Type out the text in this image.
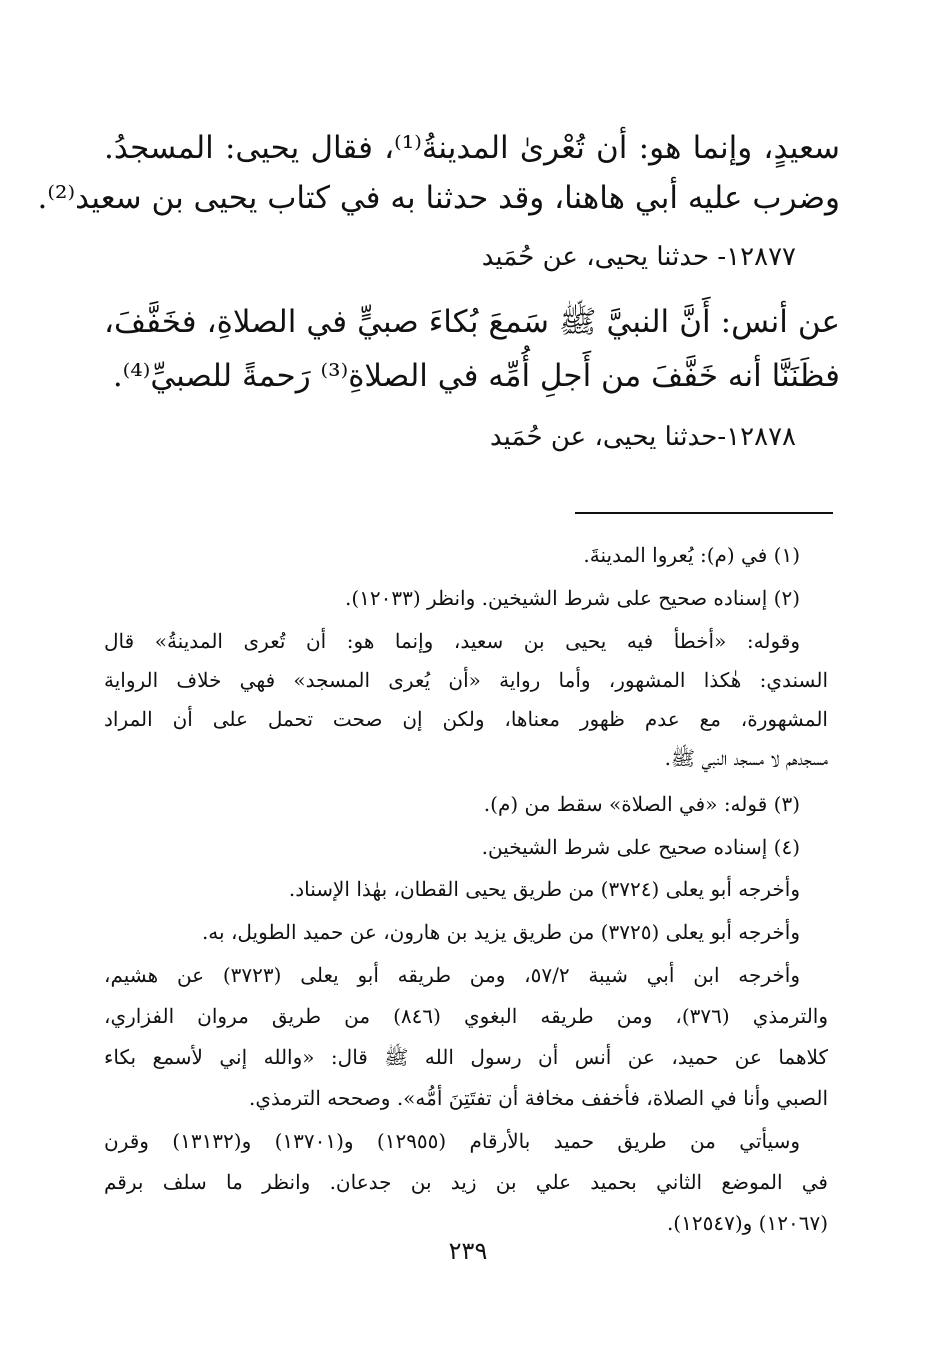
سعيدٍ، وإنما هو: أن تُعْرىٰ المدينةُ⁽¹⁾، فقال يحيى: المسجدُ.
وضرب عليه أبي هاهنا، وقد حدثنا به في كتاب يحيى بن سعيد⁽²⁾.
١٢٨٧٧- حدثنا يحيى، عن حُمَيد
عن أنس: أَنَّ النبيَّ ﷺ سَمعَ بُكاءَ صبيٍّ في الصلاةِ، فخَفَّفَ،
فظَنَنَّا أنه خَفَّفَ من أَجلِ أُمِّه في الصلاةِ⁽³⁾ رَحمةً للصبيِّ⁽⁴⁾.
١٢٨٧٨-حدثنا يحيى، عن حُمَيد
(١) في (م): يُعروا المدينةَ.
(٢) إسناده صحيح على شرط الشيخين. وانظر (١٢٠٣٣).
وقوله: «أخطأ فيه يحيى بن سعيد، وإنما هو: أن تُعرى المدينةُ» قال
السندي: هٰكذا المشهور، وأما رواية «أن يُعرى المسجد» فهي خلاف الرواية
المشهورة، مع عدم ظهور معناها، ولكن إن صحت تحمل على أن المراد
مسجدهم لا مسجد النبي ﷺ.
(٣) قوله: «في الصلاة» سقط من (م).
(٤) إسناده صحيح على شرط الشيخين.
وأخرجه أبو يعلى (٣٧٢٤) من طريق يحيى القطان، بهٰذا الإسناد.
وأخرجه أبو يعلى (٣٧٢٥) من طريق يزيد بن هارون، عن حميد الطويل، به.
وأخرجه ابن أبي شيبة ٥٧/٢، ومن طريقه أبو يعلى (٣٧٢٣) عن هشيم،
والترمذي (٣٧٦)، ومن طريقه البغوي (٨٤٦) من طريق مروان الفزاري،
كلاهما عن حميد، عن أنس أن رسول الله ﷺ قال: «والله إني لأسمع بكاء
الصبي وأنا في الصلاة، فأخفف مخافة أن تفتَتِنَ أمُّه». وصححه الترمذي.
وسيأتي من طريق حميد بالأرقام (١٢٩٥٥) و(١٣٧٠١) و(١٣١٣٢) وقرن
في الموضع الثاني بحميد علي بن زيد بن جدعان. وانظر ما سلف برقم
(١٢٠٦٧) و(١٢٥٤٧).
٢٣٩
